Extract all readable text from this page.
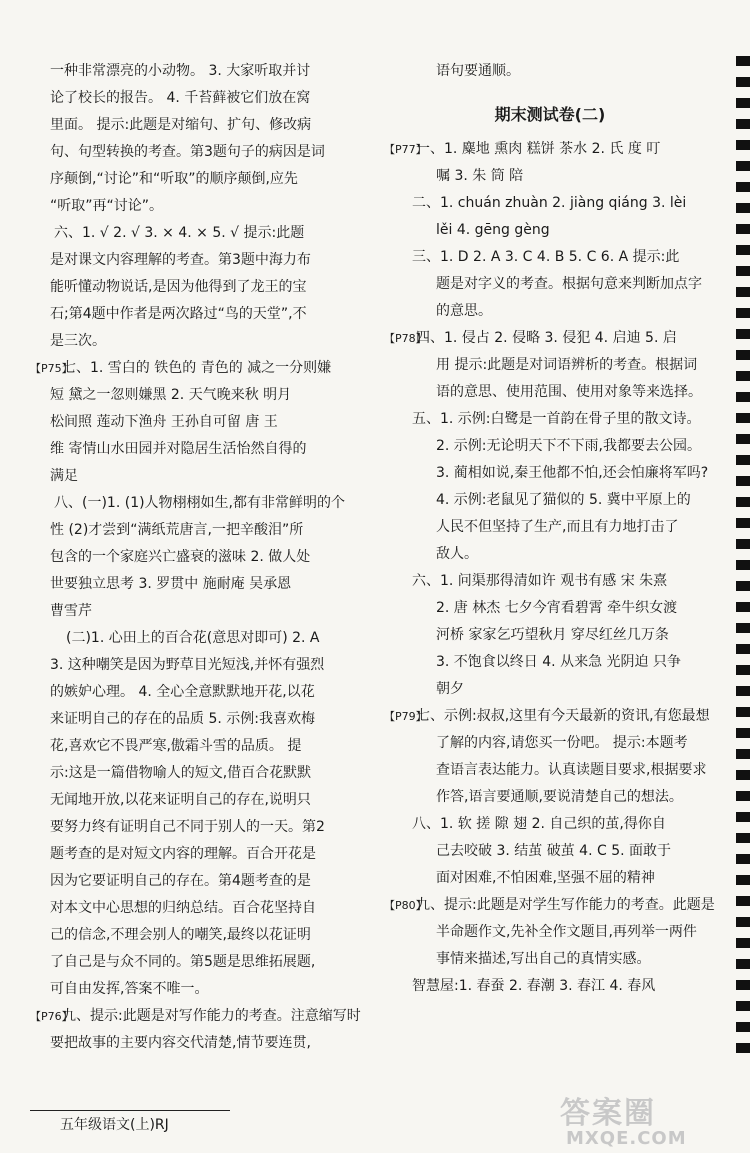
一种非常漂亮的小动物。 3. 大家听取并讨

论了校长的报告。 4. 千苔藓被它们放在窝

里面。 提示:此题是对缩句、扩句、修改病

句、句型转换的考查。第3题句子的病因是词

序颠倒,“讨论”和“听取”的顺序颠倒,应先

“听取”再“讨论”。

六、1. √ 2. √ 3. × 4. × 5. √ 提示:此题

是对课文内容理解的考查。第3题中海力布

能听懂动物说话,是因为他得到了龙王的宝

石;第4题中作者是两次路过“鸟的天堂”,不

是三次。

【P75】七、1. 雪白的 铁色的 青色的 减之一分则嫌

短 黛之一忽则嫌黑 2. 天气晚来秋 明月

松间照 莲动下渔舟 王孙自可留 唐 王

维 寄情山水田园并对隐居生活怡然自得的

满足

八、(一)1. (1)人物栩栩如生,都有非常鲜明的个

性 (2)才尝到“满纸荒唐言,一把辛酸泪”所

包含的一个家庭兴亡盛衰的滋味 2. 做人处

世要独立思考 3. 罗贯中 施耐庵 吴承恩

曹雪芹

(二)1. 心田上的百合花(意思对即可) 2. A

3. 这种嘲笑是因为野草目光短浅,并怀有强烈

的嫉妒心理。 4. 全心全意默默地开花,以花

来证明自己的存在的品质 5. 示例:我喜欢梅

花,喜欢它不畏严寒,傲霜斗雪的品质。 提

示:这是一篇借物喻人的短文,借百合花默默

无闻地开放,以花来证明自己的存在,说明只

要努力终有证明自己不同于别人的一天。第2

题考查的是对短文内容的理解。百合开花是

因为它要证明自己的存在。第4题考查的是

对本文中心思想的归纳总结。百合花坚持自

己的信念,不理会别人的嘲笑,最终以花证明

了自己是与众不同的。第5题是思维拓展题,

可自由发挥,答案不唯一。

【P76】九、提示:此题是对写作能力的考查。注意缩写时

要把故事的主要内容交代清楚,情节要连贯,

语句要通顺。

期末测试卷(二)

【P77】一、1. 麋地 熏肉 糕饼 茶水 2. 氏 度 叮

嘱 3. 朱 筒 陪

二、1. chuán zhuàn 2. jiàng qiáng 3. lèi

lěi 4. gēng gèng

三、1. D 2. A 3. C 4. B 5. C 6. A 提示:此

题是对字义的考查。根据句意来判断加点字

的意思。

【P78】四、1. 侵占 2. 侵略 3. 侵犯 4. 启迪 5. 启

用 提示:此题是对词语辨析的考查。根据词

语的意思、使用范围、使用对象等来选择。

五、1. 示例:白鹭是一首韵在骨子里的散文诗。

2. 示例:无论明天下不下雨,我都要去公园。

3. 蔺相如说,秦王他都不怕,还会怕廉将军吗?

4. 示例:老鼠见了猫似的 5. 冀中平原上的

人民不但坚持了生产,而且有力地打击了

敌人。

六、1. 问渠那得清如许 观书有感 宋 朱熹

2. 唐 林杰 七夕今宵看碧霄 牵牛织女渡

河桥 家家乞巧望秋月 穿尽红丝几万条

3. 不饱食以终日 4. 从来急 光阴迫 只争

朝夕

【P79】七、示例:叔叔,这里有今天最新的资讯,有您最想

了解的内容,请您买一份吧。 提示:本题考

查语言表达能力。认真读题目要求,根据要求

作答,语言要通顺,要说清楚自己的想法。

八、1. 软 搓 隙 翅 2. 自己织的茧,得你自

己去咬破 3. 结茧 破茧 4. C 5. 面敢于

面对困难,不怕困难,坚强不屈的精神

【P80】九、提示:此题是对学生写作能力的考查。此题是

半命题作文,先补全作文题目,再列举一两件

事情来描述,写出自己的真情实感。

智慧屋:1. 春蚕 2. 春潮 3. 春江 4. 春风

五年级语文(上)RJ	答案圈
MXQE.COM
